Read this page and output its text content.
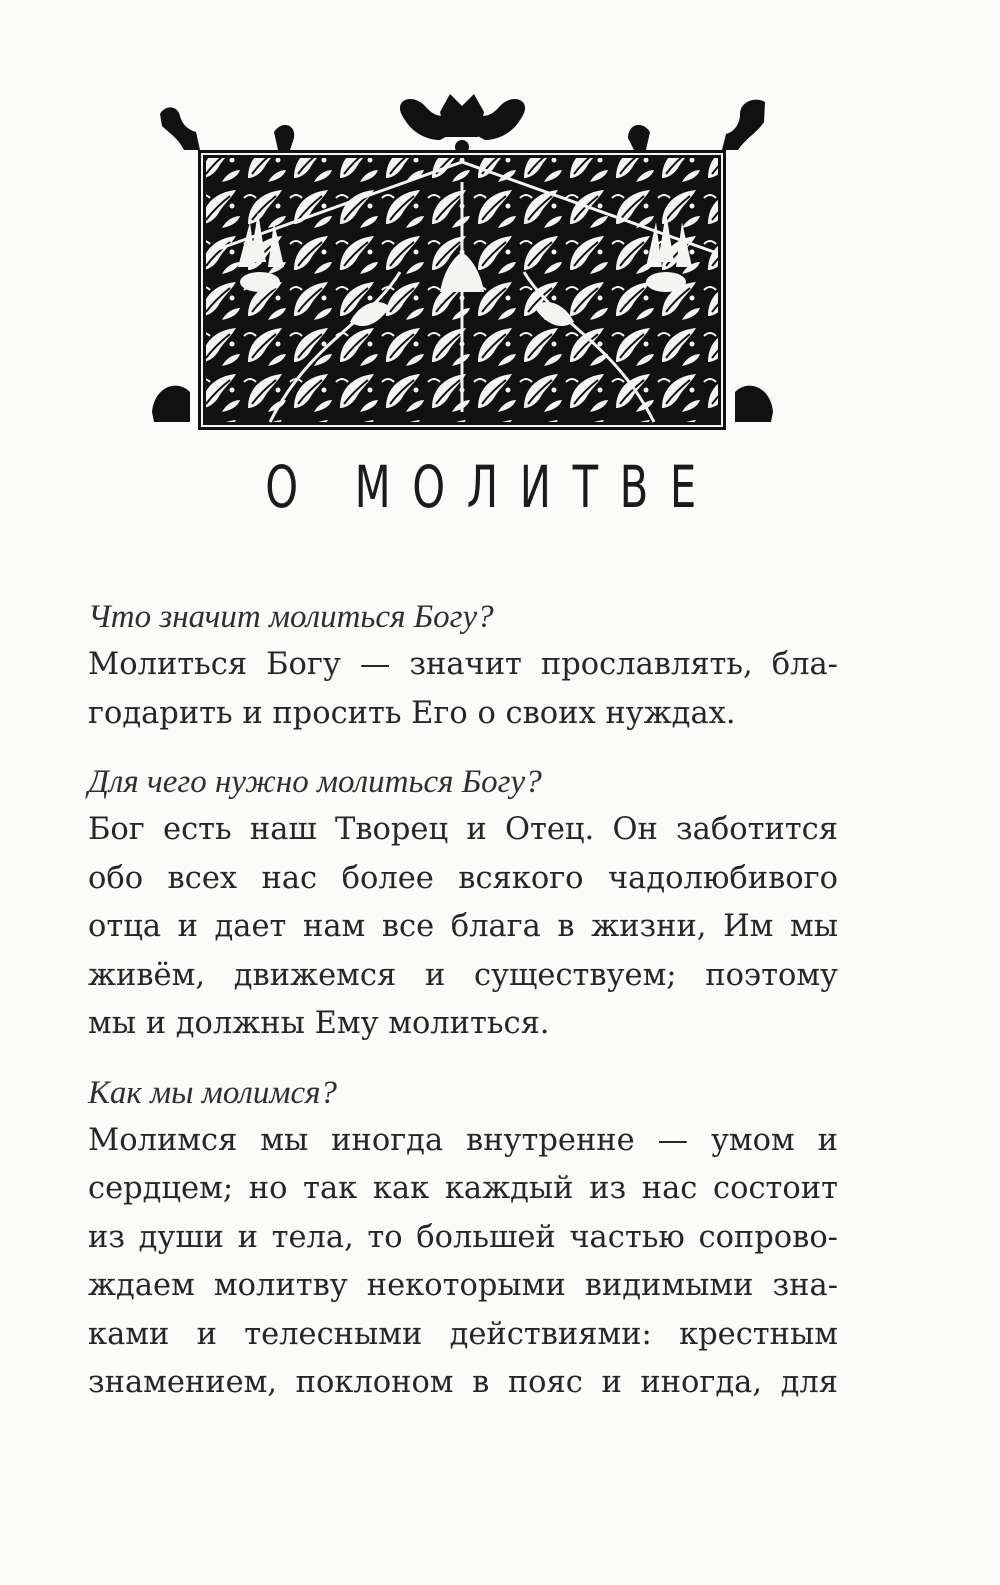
О МОЛИТВЕ
Что значит молиться Богу?
Молиться Богу — значит прославлять, бла-
годарить и просить Его о своих нуждах.
Для чего нужно молиться Богу?
Бог есть наш Творец и Отец. Он заботится
обо всех нас более всякого чадолюбивого
отца и дает нам все блага в жизни, Им мы
живём, движемся и существуем; поэтому
мы и должны Ему молиться.
Как мы молимся?
Молимся мы иногда внутренне — умом и
сердцем; но так как каждый из нас состоит
из души и тела, то большей частью сопрово-
ждаем молитву некоторыми видимыми зна-
ками и телесными действиями: крестным
знамением, поклоном в пояс и иногда, для
